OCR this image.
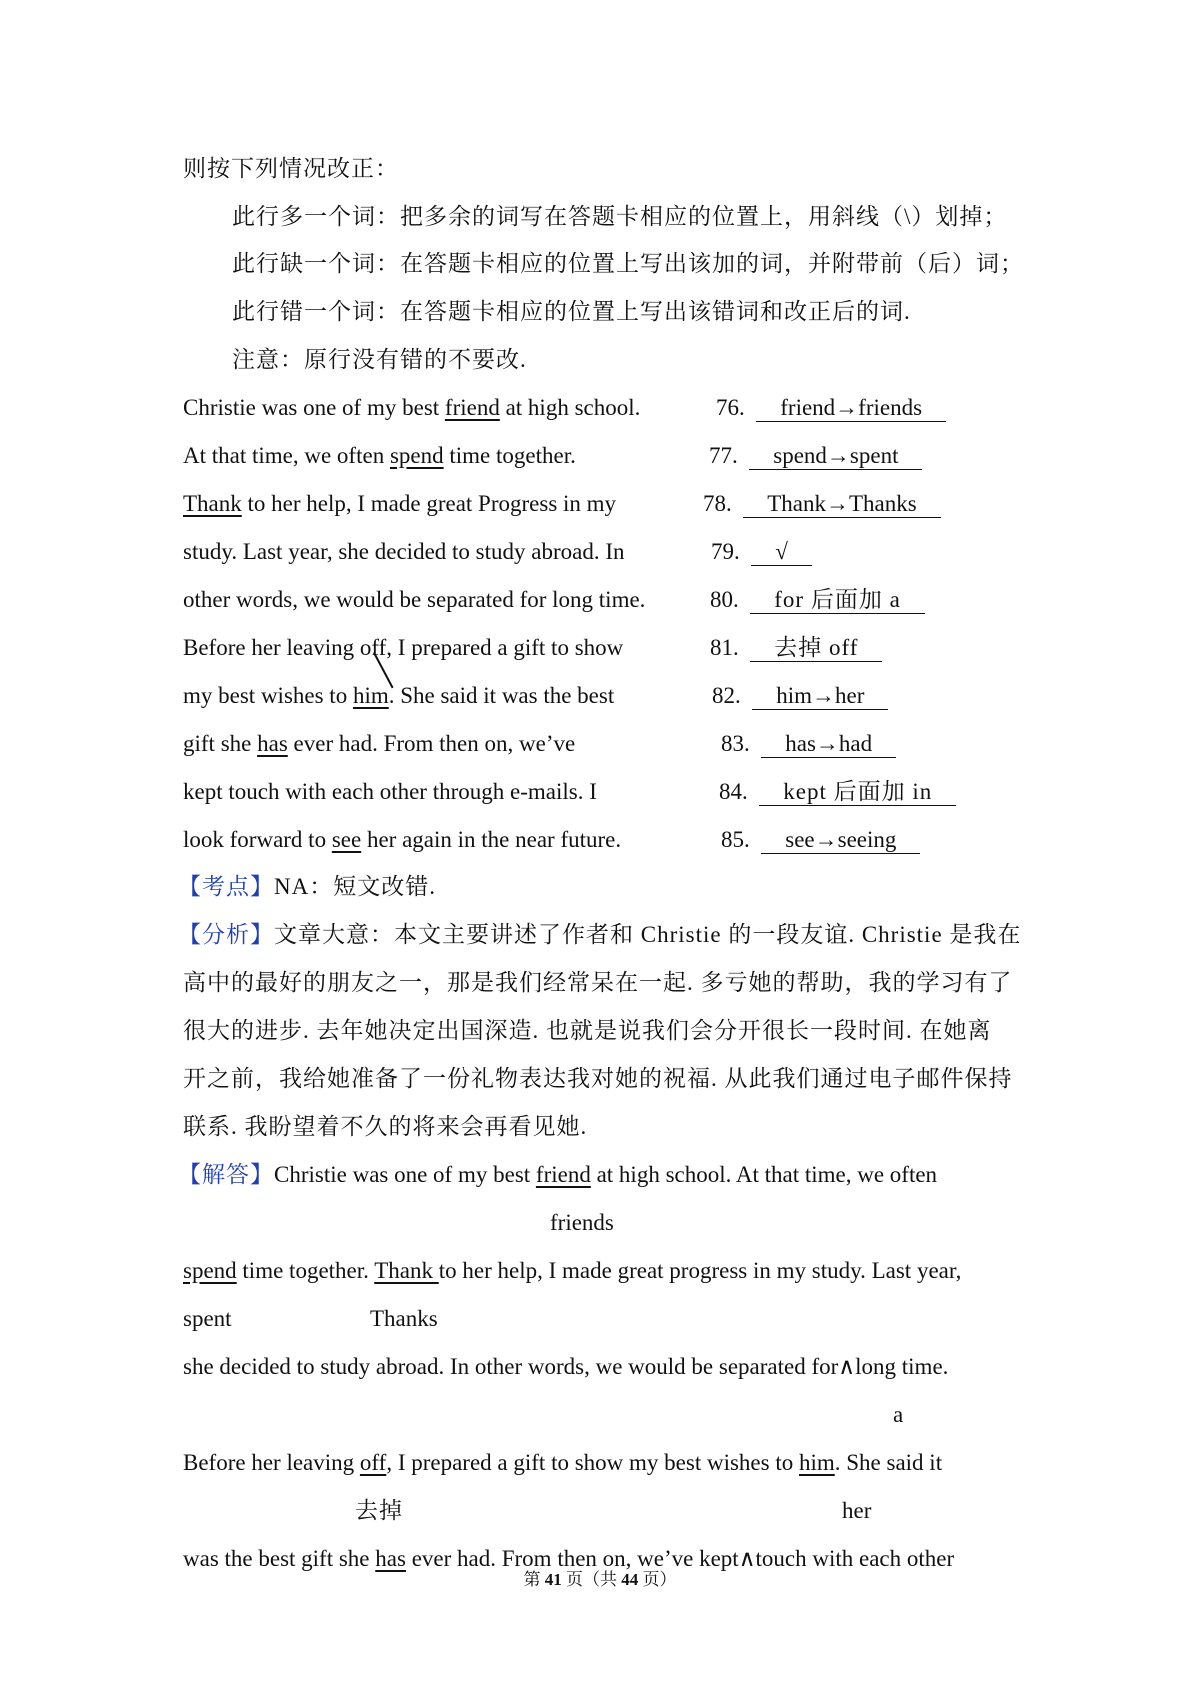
则按下列情况改正：
此行多一个词：把多余的词写在答题卡相应的位置上，用斜线（\）划掉；
此行缺一个词：在答题卡相应的位置上写出该加的词，并附带前（后）词；
此行错一个词：在答题卡相应的位置上写出该错词和改正后的词.
注意：原行没有错的不要改.
Christie was one of my best friend at high school.	76. friend→friends
At that time, we often spend time together.	77. spend→spent
Thank to her help, I made great Progress in my	78. Thank→Thanks
study. Last year, she decided to study abroad. In	79. √
other words, we would be separated for long time.	80. for 后面加 a
Before her leaving off, I prepared a gift to show	81. 去掉 off
my best wishes to him. She said it was the best	82. him→her
gift she has ever had. From then on, we’ve	83. has→had
kept touch with each other through e-mails. I	84. kept 后面加 in
look forward to see her again in the near future.	85. see→seeing
【考点】NA：短文改错.
【分析】文章大意：本文主要讲述了作者和 Christie 的一段友谊. Christie 是我在
高中的最好的朋友之一，那是我们经常呆在一起. 多亏她的帮助，我的学习有了
很大的进步. 去年她决定出国深造. 也就是说我们会分开很长一段时间. 在她离
开之前，我给她准备了一份礼物表达我对她的祝福. 从此我们通过电子邮件保持
联系. 我盼望着不久的将来会再看见她.
【解答】Christie was one of my best friend at high school. At that time, we often
friends
spend time together. Thank to her help, I made great progress in my study. Last year,
spent	Thanks
she decided to study abroad. In other words, we would be separated for∧long time.
a
Before her leaving off, I prepared a gift to show my best wishes to him. She said it
去掉	her
was the best gift she has ever had. From then on, we’ve kept∧touch with each other
第 41 页（共 44 页）
